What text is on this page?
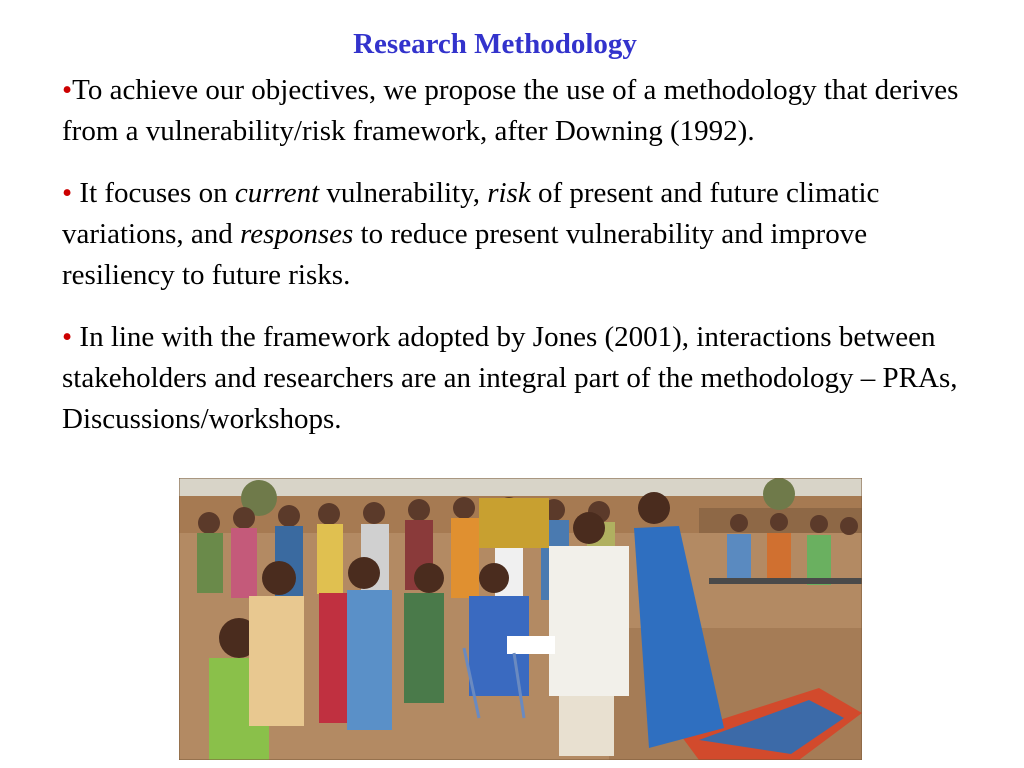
Research Methodology
•To achieve our objectives, we propose the use of a methodology that derives from a vulnerability/risk framework, after Downing (1992).
• It focuses on current vulnerability, risk of present and future climatic variations, and responses to reduce present vulnerability and improve resiliency to future risks.
• In line with the framework adopted by Jones (2001), interactions between stakeholders and researchers are an integral part of the methodology – PRAs, Discussions/workshops.
